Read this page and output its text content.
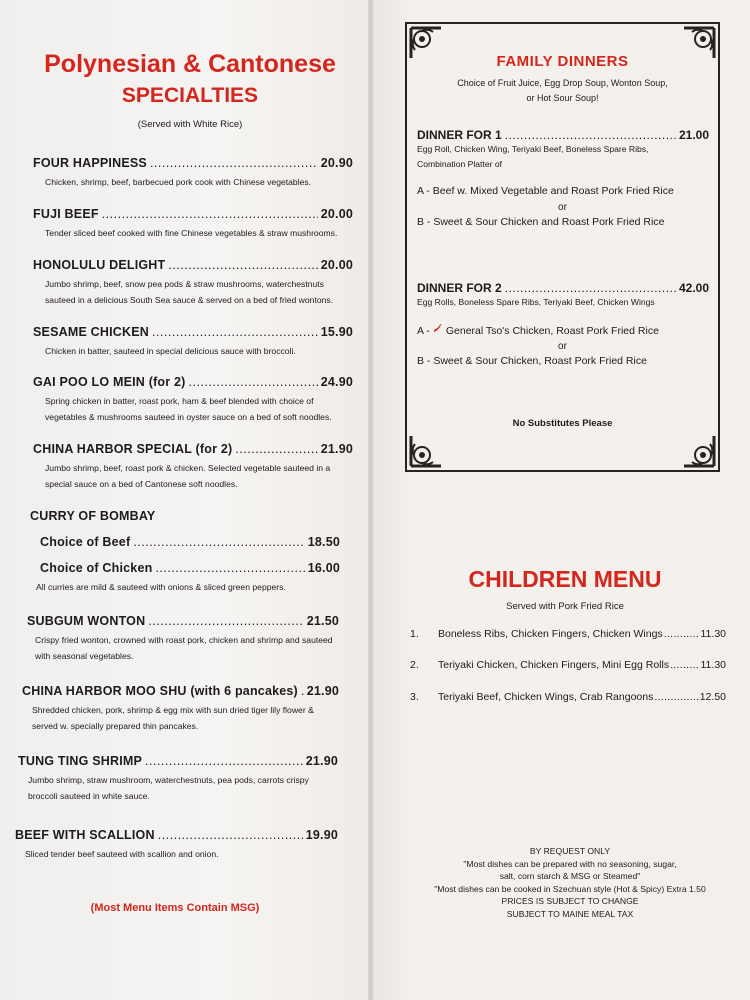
Polynesian & Cantonese
SPECIALTIES
(Served with White Rice)
FOUR HAPPINESS .....	20.90
Chicken, shrimp, beef, barbecued pork cook with Chinese vegetables.
FUJI BEEF .....	20.00
Tender sliced beef cooked with fine Chinese vegetables & straw mushrooms.
HONOLULU DELIGHT .....	20.00
Jumbo shrimp, beef, snow pea pods & straw mushrooms, waterchestnuts
sauteed in a delicious South Sea sauce & served on a bed of fried wontons.
SESAME CHICKEN .....	15.90
Chicken in batter, sauteed in special delicious sauce with broccoli.
GAI POO LO MEIN (for 2) .....	24.90
Spring chicken in batter, roast pork, ham & beef blended with choice of
vegetables & mushrooms sauteed in oyster sauce on a bed of soft noodles.
CHINA HARBOR SPECIAL (for 2) .....	21.90
Jumbo shrimp, beef, roast pork & chicken. Selected vegetable sauteed in a
special sauce on a bed of Cantonese soft noodles.
CURRY OF BOMBAY
Choice of Beef .....	18.50
Choice of Chicken .....	16.00
All curries are mild & sauteed with onions & sliced green peppers.
SUBGUM WONTON .....	21.50
Crispy fried wonton, crowned with roast pork, chicken and shrimp and sauteed
with seasonal vegetables.
CHINA HARBOR MOO SHU (with 6 pancakes) ..... 21.90
Shredded chicken, pork, shrimp & egg mix with sun dried tiger lily flower &
served w. specially prepared thin pancakes.
TUNG TING SHRIMP .....	21.90
Jumbo shrimp, straw mushroom, waterchestnuts, pea pods, carrots crispy
broccoli sauteed in white sauce.
BEEF WITH SCALLION .....	19.90
Sliced tender beef sauteed with scallion and onion.
(Most Menu Items Contain MSG)
FAMILY DINNERS
Choice of Fruit Juice, Egg Drop Soup, Wonton Soup,
or Hot Sour Soup!
DINNER FOR 1 .....	21.00
Egg Roll, Chicken Wing, Teriyaki Beef, Boneless Spare Ribs,
Combination Platter of
A - Beef w. Mixed Vegetable and Roast Pork Fried Rice
or
B - Sweet & Sour Chicken and Roast Pork Fried Rice
DINNER FOR 2 .....	42.00
Egg Rolls, Boneless Spare Ribs, Teriyaki Beef, Chicken Wings
A - General Tso's Chicken, Roast Pork Fried Rice
or
B - Sweet & Sour Chicken, Roast Pork Fried Rice
No Substitutes Please
CHILDREN MENU
Served with Pork Fried Rice
1.	Boneless Ribs, Chicken Fingers, Chicken Wings .....	11.30
2.	Teriyaki Chicken, Chicken Fingers, Mini Egg Rolls .....	11.30
3.	Teriyaki Beef, Chicken Wings, Crab Rangoons .....	12.50
BY REQUEST ONLY
"Most dishes can be prepared with no seasoning, sugar,
salt, corn starch & MSG or Steamed"
"Most dishes can be cooked in Szechuan style (Hot & Spicy) Extra 1.50
PRICES IS SUBJECT TO CHANGE
SUBJECT TO MAINE MEAL TAX
